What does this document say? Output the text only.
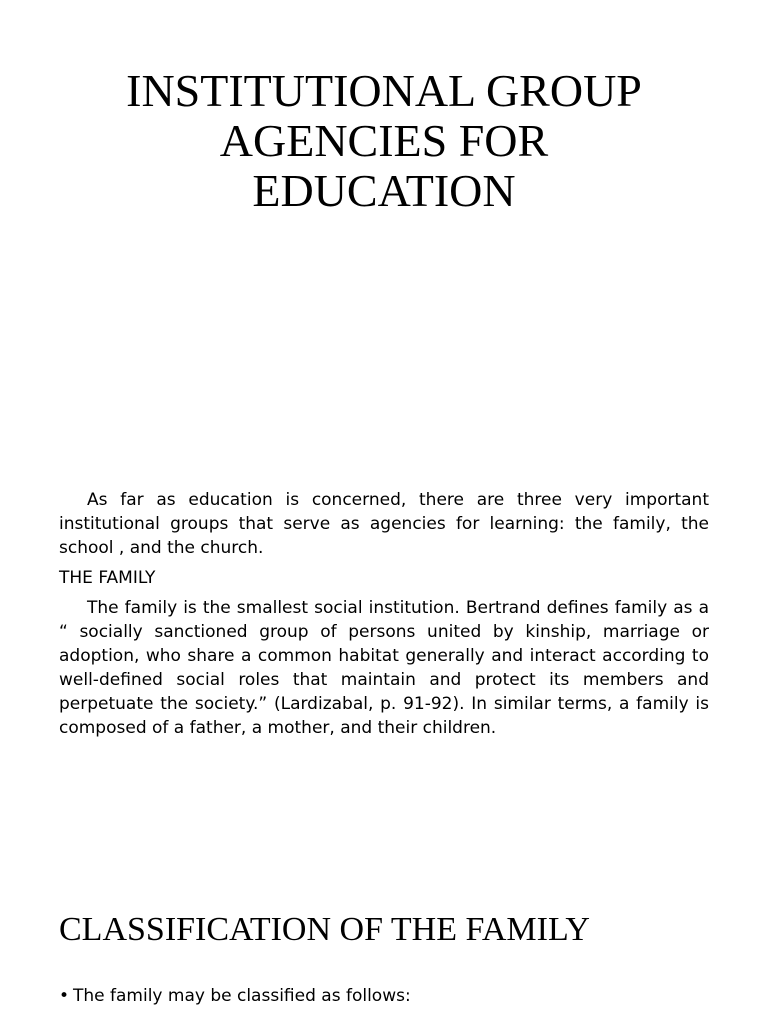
INSTITUTIONAL GROUP
AGENCIES FOR
EDUCATION

As far as education is concerned, there are three very important institutional groups that serve as agencies for learning: the family, the school , and the church.

THE FAMILY

The family is the smallest social institution. Bertrand defines family as a “ socially sanctioned group of persons united by kinship, marriage or adoption, who share a common habitat generally and interact according to well-defined social roles that maintain and protect its members and perpetuate the society.” (Lardizabal, p. 91-92). In similar terms, a family is composed of a father, a mother, and their children.

CLASSIFICATION OF THE FAMILY
• The family may be classified as follows:
